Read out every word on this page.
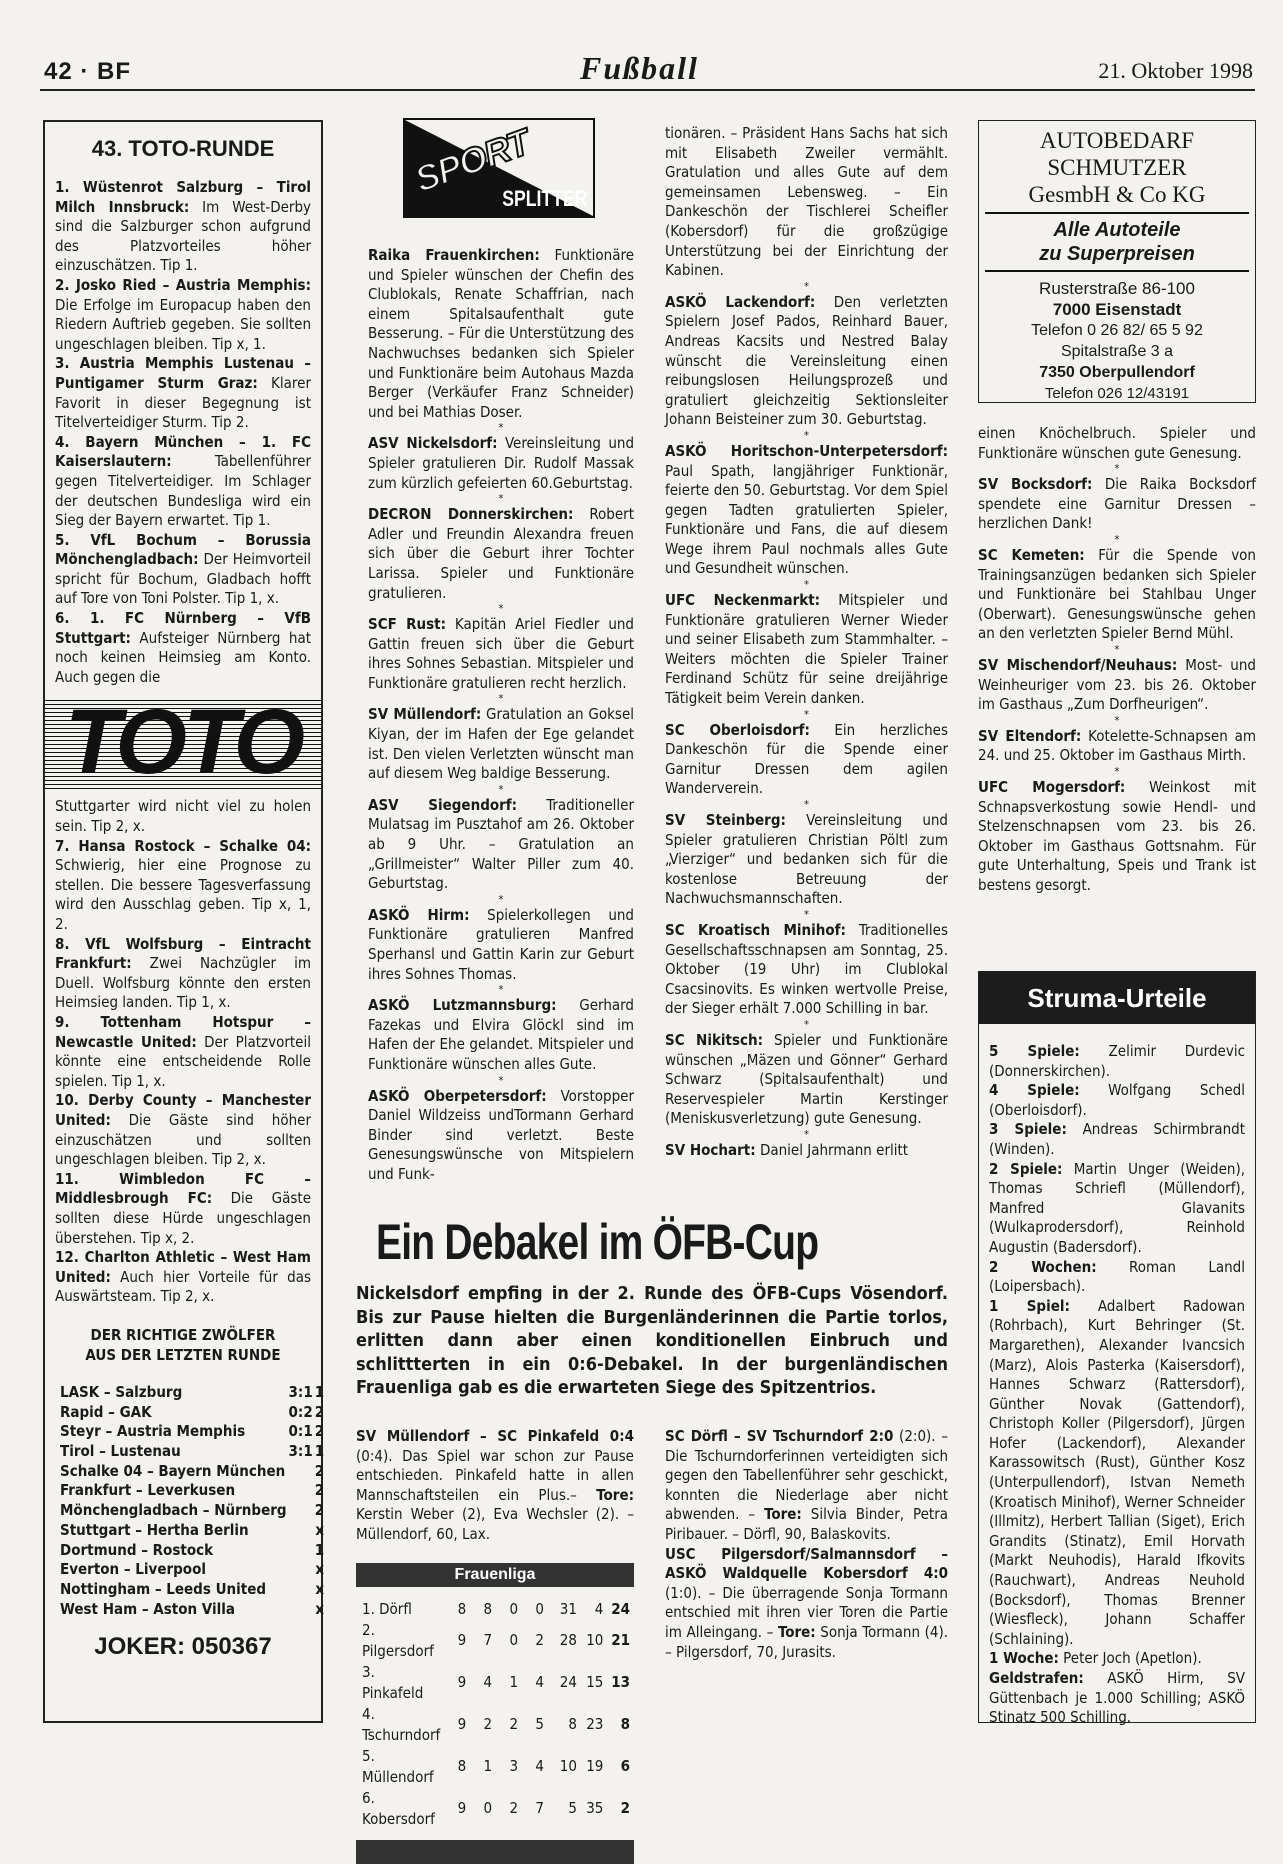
42 · BF	Fußball	21. Oktober 1998
43. TOTO-RUNDE

1. Wüstenrot Salzburg – Tirol Milch Innsbruck: Im West-Derby sind die Salzburger schon aufgrund des Platzvorteiles höher einzuschätzen. Tip 1.

2. Josko Ried – Austria Memphis: Die Erfolge im Europacup haben den Riedern Auftrieb gegeben. Sie sollten ungeschlagen bleiben. Tip x, 1.

3. Austria Memphis Lustenau – Puntigamer Sturm Graz: Klarer Favorit in dieser Begegnung ist Titelverteidiger Sturm. Tip 2.

4. Bayern München – 1. FC Kaiserslautern: Tabellenführer gegen Titelverteidiger. Im Schlager der deutschen Bundesliga wird ein Sieg der Bayern erwartet. Tip 1.

5. VfL Bochum – Borussia Mönchengladbach: Der Heimvorteil spricht für Bochum, Gladbach hofft auf Tore von Toni Polster. Tip 1, x.

6. 1. FC Nürnberg – VfB Stuttgart: Aufsteiger Nürnberg hat noch keinen Heimsieg am Konto. Auch gegen die

TOTO

Stuttgarter wird nicht viel zu holen sein. Tip 2, x.

7. Hansa Rostock – Schalke 04: Schwierig, hier eine Prognose zu stellen. Die bessere Tagesverfassung wird den Ausschlag geben. Tip x, 1, 2.

8. VfL Wolfsburg – Eintracht Frankfurt: Zwei Nachzügler im Duell. Wolfsburg könnte den ersten Heimsieg landen. Tip 1, x.

9. Tottenham Hotspur – Newcastle United: Der Platzvorteil könnte eine entscheidende Rolle spielen. Tip 1, x.

10. Derby County – Manchester United: Die Gäste sind höher einzuschätzen und sollten ungeschlagen bleiben. Tip 2, x.

11. Wimbledon FC – Middlesbrough FC: Die Gäste sollten diese Hürde ungeschlagen überstehen. Tip x, 2.

12. Charlton Athletic – West Ham United: Auch hier Vorteile für das Auswärtsteam. Tip 2, x.

DER RICHTIGE ZWÖLFER AUS DER LETZTEN RUNDE
LASK – Salzburg	3:1	1
Rapid – GAK	0:2	2
Steyr – Austria Memphis	0:1	2
Tirol – Lustenau	3:1	1
Schalke 04 – Bayern München		2
Frankfurt – Leverkusen		2
Mönchengladbach – Nürnberg		2
Stuttgart – Hertha Berlin		x
Dortmund – Rostock		1
Everton – Liverpool		x
Nottingham – Leeds United		x
West Ham – Aston Villa		x
JOKER: 050367
SPORT
SPLITTER

Raika Frauenkirchen: Funktionäre und Spieler wünschen der Chefin des Clublokals, Renate Schaffrian, nach einem Spitalsaufenthalt gute Besserung. – Für die Unterstützung des Nachwuchses bedanken sich Spieler und Funktionäre beim Autohaus Mazda Berger (Verkäufer Franz Schneider) und bei Mathias Doser.

*

ASV Nickelsdorf: Vereinsleitung und Spieler gratulieren Dir. Rudolf Massak zum kürzlich gefeierten 60.Geburtstag.

*

DECRON Donnerskirchen: Robert Adler und Freundin Alexandra freuen sich über die Geburt ihrer Tochter Larissa. Spieler und Funktionäre gratulieren.

*

SCF Rust: Kapitän Ariel Fiedler und Gattin freuen sich über die Geburt ihres Sohnes Sebastian. Mitspieler und Funktionäre gratulieren recht herzlich.

*

SV Müllendorf: Gratulation an Goksel Kiyan, der im Hafen der Ege gelandet ist. Den vielen Verletzten wünscht man auf diesem Weg baldige Besserung.

*

ASV Siegendorf: Traditioneller Mulatsag im Pusztahof am 26. Oktober ab 9 Uhr. – Gratulation an „Grillmeister“ Walter Piller zum 40. Geburtstag.

*

ASKÖ Hirm: Spielerkollegen und Funktionäre gratulieren Manfred Sperhansl und Gattin Karin zur Geburt ihres Sohnes Thomas.

*

ASKÖ Lutzmannsburg: Gerhard Fazekas und Elvira Glöckl sind im Hafen der Ehe gelandet. Mitspieler und Funktionäre wünschen alles Gute.

*

ASKÖ Oberpetersdorf: Vorstopper Daniel Wildzeiss undTormann Gerhard Binder sind verletzt. Beste Genesungswünsche von Mitspielern und Funk-

tionären. – Präsident Hans Sachs hat sich mit Elisabeth Zweiler vermählt. Gratulation und alles Gute auf dem gemeinsamen Lebensweg. – Ein Dankeschön der Tischlerei Scheifler (Kobersdorf) für die großzügige Unterstützung bei der Einrichtung der Kabinen.

*

ASKÖ Lackendorf: Den verletzten Spielern Josef Pados, Reinhard Bauer, Andreas Kacsits und Nestred Balay wünscht die Vereinsleitung einen reibungslosen Heilungsprozeß und gratuliert gleichzeitig Sektionsleiter Johann Beisteiner zum 30. Geburtstag.

*

ASKÖ Horitschon-Unterpetersdorf: Paul Spath, langjähriger Funktionär, feierte den 50. Geburtstag. Vor dem Spiel gegen Tadten gratulierten Spieler, Funktionäre und Fans, die auf diesem Wege ihrem Paul nochmals alles Gute und Gesundheit wünschen.

*

UFC Neckenmarkt: Mitspieler und Funktionäre gratulieren Werner Wieder und seiner Elisabeth zum Stammhalter. – Weiters möchten die Spieler Trainer Ferdinand Schütz für seine dreijährige Tätigkeit beim Verein danken.

*

SC Oberloisdorf: Ein herzliches Dankeschön für die Spende einer Garnitur Dressen dem agilen Wanderverein.

*

SV Steinberg: Vereinsleitung und Spieler gratulieren Christian Pöltl zum „Vierziger“ und bedanken sich für die kostenlose Betreuung der Nachwuchsmannschaften.

*

SC Kroatisch Minihof: Traditionelles Gesellschaftsschnapsen am Sonntag, 25. Oktober (19 Uhr) im Clublokal Csacsinovits. Es winken wertvolle Preise, der Sieger erhält 7.000 Schilling in bar.

*

SC Nikitsch: Spieler und Funktionäre wünschen „Mäzen und Gönner“ Gerhard Schwarz (Spitalsaufenthalt) und Reservespieler Martin Kerstinger (Meniskusverletzung) gute Genesung.

*

SV Hochart: Daniel Jahrmann erlitt

AUTOBEDARF
SCHMUTZER
GesmbH & Co KG
Alle Autoteile
zu Superpreisen
Rusterstraße 86-100
7000 Eisenstadt
Telefon 0 26 82/ 65 5 92
Spitalstraße 3 a
7350 Oberpullendorf
Telefon 026 12/43191

einen Knöchelbruch. Spieler und Funktionäre wünschen gute Genesung.

*

SV Bocksdorf: Die Raika Bocksdorf spendete eine Garnitur Dressen – herzlichen Dank!

*

SC Kemeten: Für die Spende von Trainingsanzügen bedanken sich Spieler und Funktionäre bei Stahlbau Unger (Oberwart). Genesungswünsche gehen an den verletzten Spieler Bernd Mühl.

*

SV Mischendorf/Neuhaus: Most- und Weinheuriger vom 23. bis 26. Oktober im Gasthaus „Zum Dorfheurigen“.

*

SV Eltendorf: Kotelette-Schnapsen am 24. und 25. Oktober im Gasthaus Mirth.

*

UFC Mogersdorf: Weinkost mit Schnapsverkostung sowie Hendl- und Stelzenschnapsen vom 23. bis 26. Oktober im Gasthaus Gottsnahm. Für gute Unterhaltung, Speis und Trank ist bestens gesorgt.

Struma-Urteile

5 Spiele: Zelimir Durdevic (Donnerskirchen).

4 Spiele: Wolfgang Schedl (Oberloisdorf).

3 Spiele: Andreas Schirmbrandt (Winden).

2 Spiele: Martin Unger (Weiden), Thomas Schriefl (Müllendorf), Manfred Glavanits (Wulkaprodersdorf), Reinhold Augustin (Badersdorf).

2 Wochen: Roman Landl (Loipersbach).

1 Spiel: Adalbert Radowan (Rohrbach), Kurt Behringer (St. Margarethen), Alexander Ivancsich (Marz), Alois Pasterka (Kaisersdorf), Hannes Schwarz (Rattersdorf), Günther Novak (Gattendorf), Christoph Koller (Pilgersdorf), Jürgen Hofer (Lackendorf), Alexander Karassowitsch (Rust), Günther Kosz (Unterpullendorf), Istvan Nemeth (Kroatisch Minihof), Werner Schneider (Illmitz), Herbert Tallian (Siget), Erich Grandits (Stinatz), Emil Horvath (Markt Neuhodis), Harald Ifkovits (Rauchwart), Andreas Neuhold (Bocksdorf), Thomas Brenner (Wiesfleck), Johann Schaffer (Schlaining).

1 Woche: Peter Joch (Apetlon).

Geldstrafen: ASKÖ Hirm, SV Güttenbach je 1.000 Schilling; ASKÖ Stinatz 500 Schilling.

Ein Debakel im ÖFB-Cup

Nickelsdorf empfing in der 2. Runde des ÖFB-Cups Vösendorf. Bis zur Pause hielten die Burgenländerinnen die Partie torlos, erlitten dann aber einen konditionellen Einbruch und schlittterten in ein 0:6-Debakel. In der burgenländischen Frauenliga gab es die erwarteten Siege des Spitzentrios.

SV Müllendorf – SC Pinkafeld 0:4 (0:4). Das Spiel war schon zur Pause entschieden. Pinkafeld hatte in allen Mannschaftsteilen ein Plus.– Tore: Kerstin Weber (2), Eva Wechsler (2). – Müllendorf, 60, Lax.

Frauenliga
1. Dörfl	8	8	0	0	31	4	24
2. Pilgersdorf	9	7	0	2	28	10	21
3. Pinkafeld	9	4	1	4	24	15	13
4. Tschurndorf	9	2	2	5	8	23	8
5. Müllendorf	8	1	3	4	10	19	6
6. Kobersdorf	9	0	2	7	5	35	2

SC Dörfl – SV Tschurndorf 2:0 (2:0). – Die Tschurndorferinnen verteidigten sich gegen den Tabellenführer sehr geschickt, konnten die Niederlage aber nicht abwenden. – Tore: Silvia Binder, Petra Piribauer. – Dörfl, 90, Balaskovits.

USC Pilgersdorf/Salmannsdorf – ASKÖ Waldquelle Kobersdorf 4:0 (1:0). – Die überragende Sonja Tormann entschied mit ihren vier Toren die Partie im Alleingang. – Tore: Sonja Tormann (4). – Pilgersdorf, 70, Jurasits.
